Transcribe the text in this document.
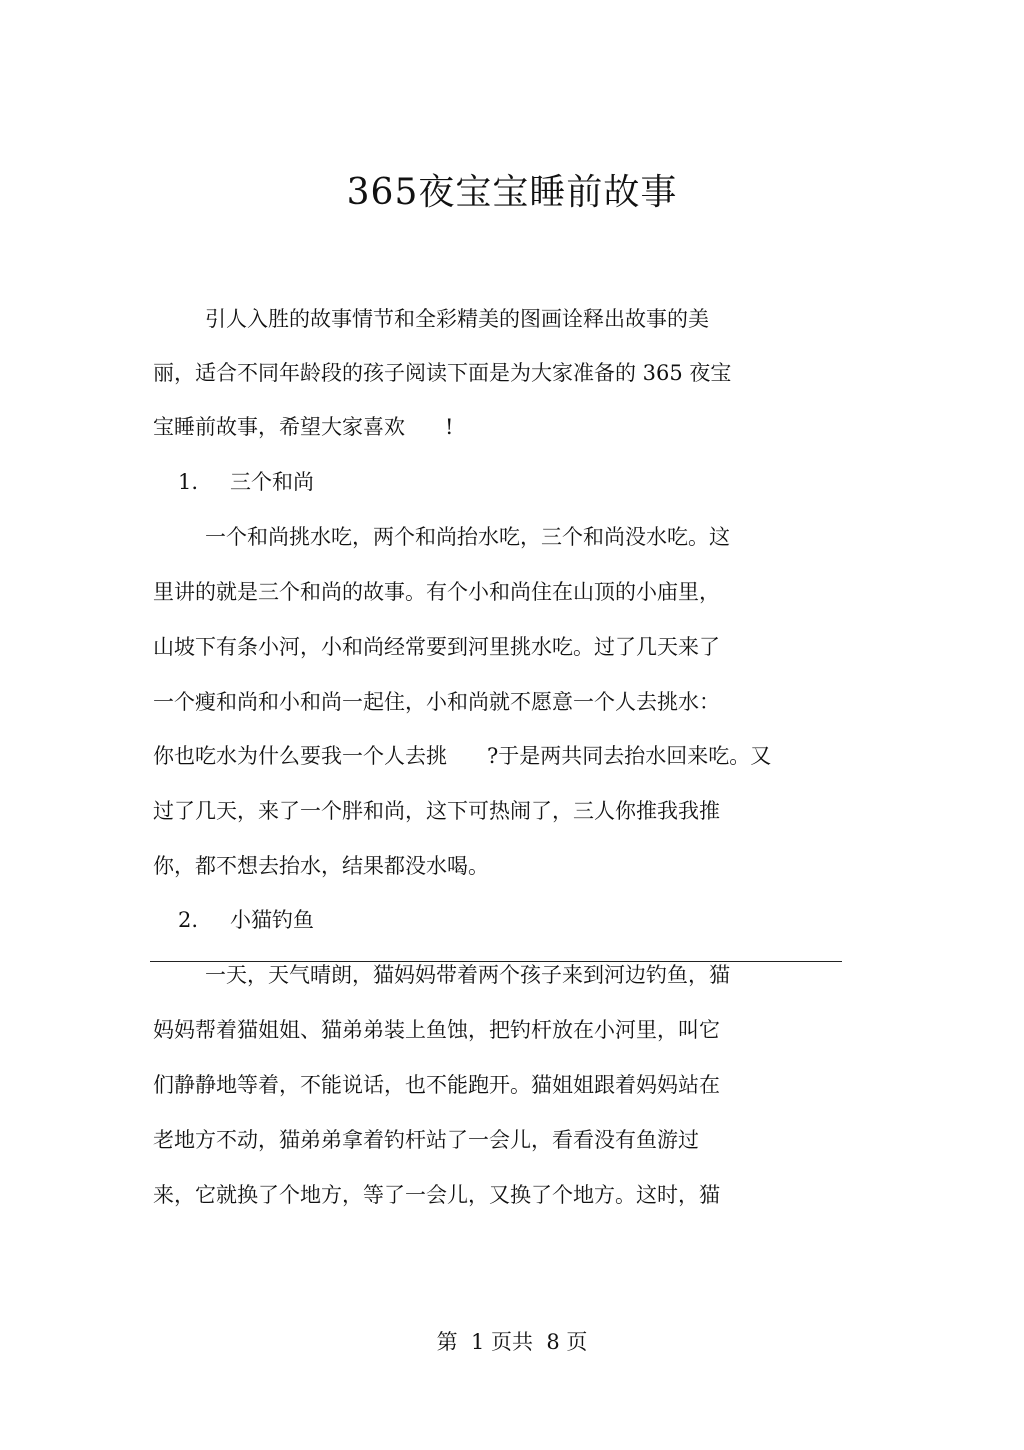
365夜宝宝睡前故事
引人入胜的故事情节和全彩精美的图画诠释出故事的美
丽，适合不同年龄段的孩子阅读下面是为大家准备的 365 夜宝
宝睡前故事，希望大家喜欢      !
1. 三个和尚
一个和尚挑水吃，两个和尚抬水吃，三个和尚没水吃。这
里讲的就是三个和尚的故事。有个小和尚住在山顶的小庙里，
山坡下有条小河，小和尚经常要到河里挑水吃。过了几天来了
一个瘦和尚和小和尚一起住，小和尚就不愿意一个人去挑水：
你也吃水为什么要我一个人去挑      ?于是两共同去抬水回来吃。又
过了几天，来了一个胖和尚，这下可热闹了，三人你推我我推
你，都不想去抬水，结果都没水喝。
2. 小猫钓鱼
一天，天气晴朗，猫妈妈带着两个孩子来到河边钓鱼，猫
妈妈帮着猫姐姐、猫弟弟装上鱼蚀，把钓杆放在小河里，叫它
们静静地等着，不能说话，也不能跑开。猫姐姐跟着妈妈站在
老地方不动，猫弟弟拿着钓杆站了一会儿，看看没有鱼游过
来，它就换了个地方，等了一会儿，又换了个地方。这时，猫
第  1 页共  8 页
